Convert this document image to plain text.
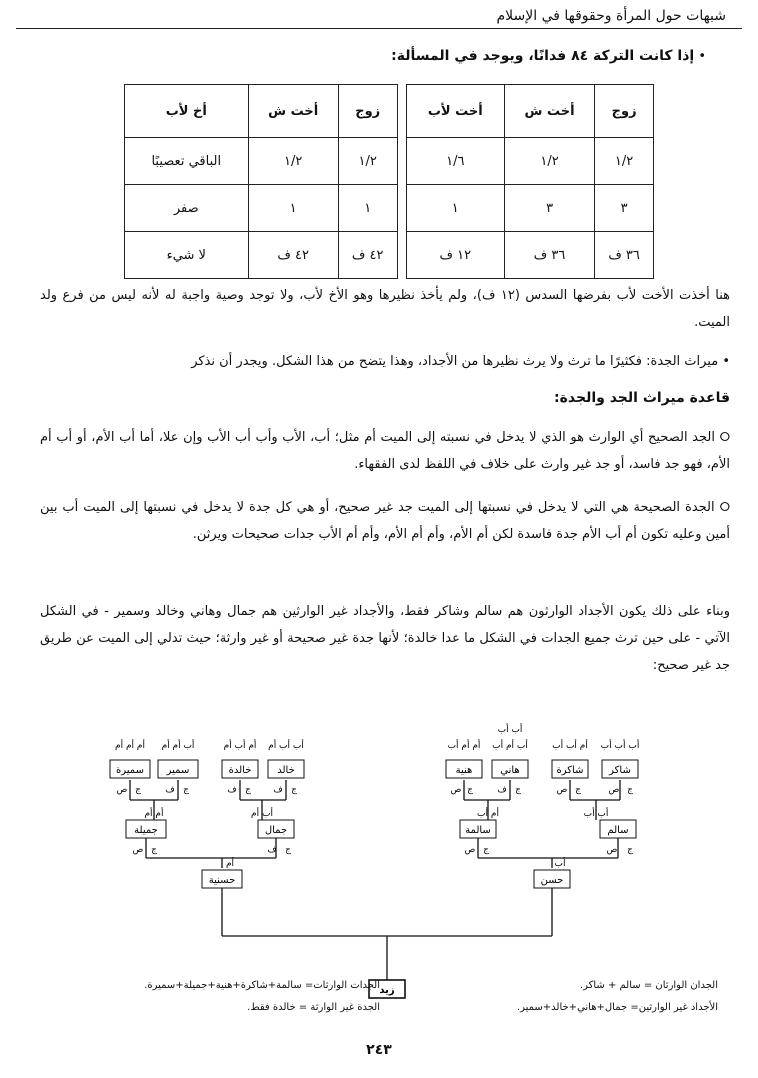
شبهات حول المرأة وحقوقها في الإسلام
• إذا كانت التركة ٨٤ فدانًا، ويوجد في المسألة:
زوج	أخت ش	أخت لأب		زوج	أخت ش	أخ لأب
١/٢	١/٢	١/٦		١/٢	١/٢	الباقي تعصيبًا
٣	٣	١		١	١	صفر
٣٦ ف	٣٦ ف	١٢ ف		٤٢ ف	٤٢ ف	لا شيء
هنا أخذت الأخت لأب بفرضها السدس (١٢ ف)، ولم يأخذ نظيرها وهو الأخ لأب، ولا توجد وصية واجبة له لأنه ليس من فرع ولد الميت.
• ميراث الجدة: فكثيرًا ما ترث ولا يرث نظيرها من الأجداد، وهذا يتضح من هذا الشكل. ويجدر أن نذكر
قاعدة ميراث الجد والجدة:
⭘ الجد الصحيح أي الوارث هو الذي لا يدخل في نسبته إلى الميت أم مثل؛ أب، الأب وأب أب الأب وإن علا، أما أب الأم، أو أب أم الأم، فهو جد فاسد، أو جد غير وارث على خلاف في اللفظ لدى الفقهاء.
⭘ الجدة الصحيحة هي التي لا يدخل في نسبتها إلى الميت جد غير صحيح، أو هي كل جدة لا يدخل في نسبتها إلى الميت أب بين أمين وعليه تكون أم أب الأم جدة فاسدة لكن أم الأم، وأم أم الأم، وأم أم الأب جدات صحيحات ويرثن.
وبناء على ذلك يكون الأجداد الوارثون هم سالم وشاكر فقط، والأجداد غير الوارثين هم جمال وهاني وخالد وسمير - في الشكل الآتي - على حين ترث جميع الجدات في الشكل ما عدا خالدة؛ لأنها جدة غير صحيحة أو غير وارثة؛ حيث تدلي إلى الميت عن طريق جد غير صحيح:
شاكر
شاكرة
هاني
هنية
خالد
خالدة
سمير
سميرة
أب أب أب
أم أب أب
أب أم أب
أم أم أب
أب أب
أب أب أم
أم أب أم
أب أم أم
أم أم أم
ج
ص
ج
ص
ج
ف
ج
ص
ج
ف
ج
ف
ج
ف
ج
ص
أب أب
أم أب
أب أم
أم أم
سالم
سالمة
جمال
جميلة
ج
ص
ج
ص
ج
ف
ج
ص
أب
أم
حسن
حسنية
زيد	الجدان الوارثان = سالم + شاكر.
الأجداد غير الوارثين= جمال+هاني+خالد+سمير.
الجدات الوارثات= سالمة+شاكرة+هنية+جميلة+سميرة.
الجدة غير الوارثة = خالدة فقط.
٢٤٣
